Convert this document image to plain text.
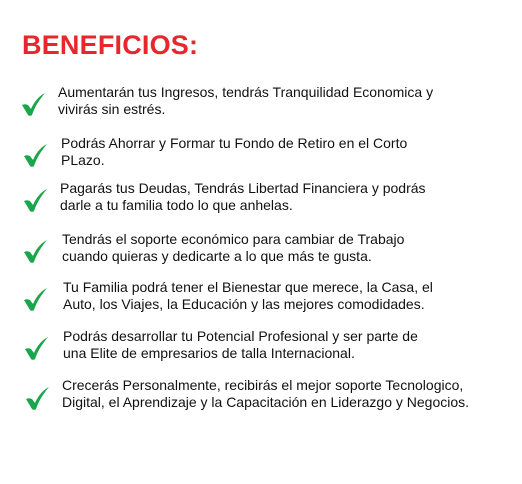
BENEFICIOS:
Aumentarán tus Ingresos, tendrás Tranquilidad Economica y
vivirás sin estrés.
Podrás Ahorrar y Formar tu Fondo de Retiro en el Corto
PLazo.
Pagarás tus Deudas, Tendrás Libertad Financiera y podrás
darle a tu familia todo lo que anhelas.
Tendrás el soporte económico para cambiar de Trabajo
cuando quieras y dedicarte a lo que más te gusta.
Tu Familia podrá tener el Bienestar que merece, la Casa, el
Auto, los Viajes, la Educación y las mejores comodidades.
Podrás desarrollar tu Potencial Profesional y ser parte de
una Elite de empresarios de talla Internacional.
Crecerás Personalmente, recibirás el mejor soporte Tecnologico,
Digital, el Aprendizaje y la Capacitación en Liderazgo y Negocios.
